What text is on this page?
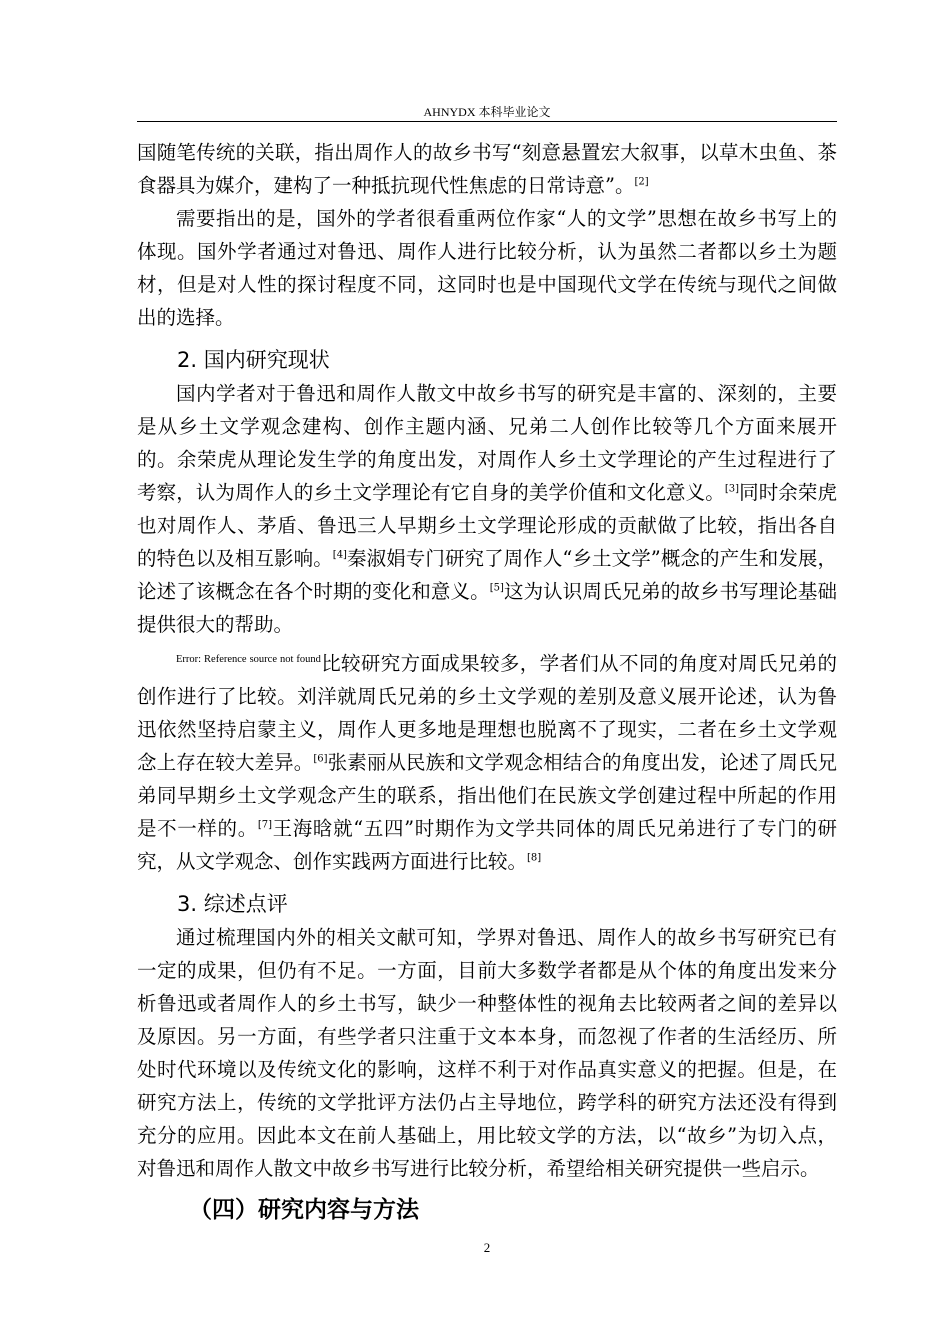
AHNYDX 本科毕业论文

国随笔传统的关联，指出周作人的故乡书写“刻意悬置宏大叙事，以草木虫鱼、茶食器具为媒介，建构了一种抵抗现代性焦虑的日常诗意”。[2]

需要指出的是，国外的学者很看重两位作家“人的文学”思想在故乡书写上的体现。国外学者通过对鲁迅、周作人进行比较分析，认为虽然二者都以乡土为题材，但是对人性的探讨程度不同，这同时也是中国现代文学在传统与现代之间做出的选择。

2. 国内研究现状

国内学者对于鲁迅和周作人散文中故乡书写的研究是丰富的、深刻的，主要是从乡土文学观念建构、创作主题内涵、兄弟二人创作比较等几个方面来展开的。余荣虎从理论发生学的角度出发，对周作人乡土文学理论的产生过程进行了考察，认为周作人的乡土文学理论有它自身的美学价值和文化意义。[3]同时余荣虎也对周作人、茅盾、鲁迅三人早期乡土文学理论形成的贡献做了比较，指出各自的特色以及相互影响。[4]秦淑娟专门研究了周作人“乡土文学”概念的产生和发展，论述了该概念在各个时期的变化和意义。[5]这为认识周氏兄弟的故乡书写理论基础提供很大的帮助。

$^{Error: Reference source not found}$比较研究方面成果较多，学者们从不同的角度对周氏兄弟的创作进行了比较。刘洋就周氏兄弟的乡土文学观的差别及意义展开论述，认为鲁迅依然坚持启蒙主义，周作人更多地是理想也脱离不了现实，二者在乡土文学观念上存在较大差异。[6]张素丽从民族和文学观念相结合的角度出发，论述了周氏兄弟同早期乡土文学观念产生的联系，指出他们在民族文学创建过程中所起的作用是不一样的。[7]王海晗就“五四”时期作为文学共同体的周氏兄弟进行了专门的研究，从文学观念、创作实践两方面进行比较。[8]

3. 综述点评

通过梳理国内外的相关文献可知，学界对鲁迅、周作人的故乡书写研究已有一定的成果，但仍有不足。一方面，目前大多数学者都是从个体的角度出发来分析鲁迅或者周作人的乡土书写，缺少一种整体性的视角去比较两者之间的差异以及原因。另一方面，有些学者只注重于文本本身，而忽视了作者的生活经历、所处时代环境以及传统文化的影响，这样不利于对作品真实意义的把握。但是，在研究方法上，传统的文学批评方法仍占主导地位，跨学科的研究方法还没有得到充分的应用。因此本文在前人基础上，用比较文学的方法，以“故乡”为切入点，对鲁迅和周作人散文中故乡书写进行比较分析，希望给相关研究提供一些启示。

（四）研究内容与方法

2
